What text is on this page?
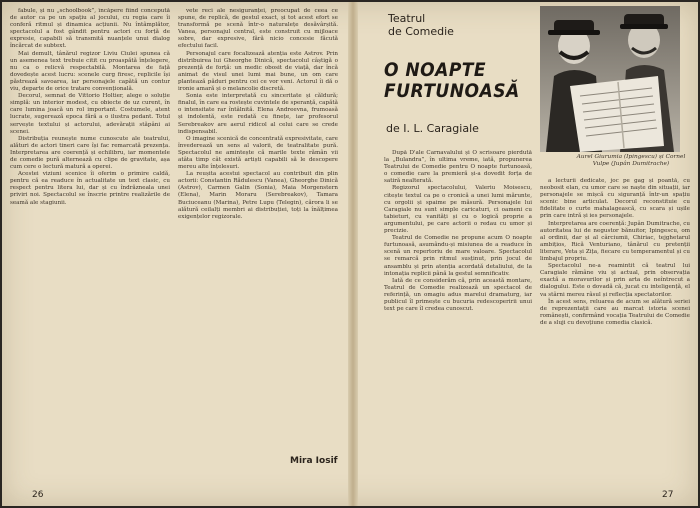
fabule, și nu „schoolbook”, încăpere fiind concepută de autor ca pe un spațiu al jocului, cu regia care îi conferă ritmul și dinamica acțiunii. Nu întâmplător, spectacolul a fost gândit pentru actori cu forță de expresie, capabili să transmită nuanțele unui dialog încărcat de subtext.

Mai demult, tânărul regizor Liviu Ciulei spunea că un asemenea text trebuie citit cu proaspătă înțelegere, nu ca o relicvă respectabilă. Montarea de față dovedește acest lucru: scenele curg firesc, replicile își păstrează savoarea, iar personajele capătă un contur viu, departe de orice tratare convențională.

Decorul, semnat de Vittorio Holtier, alege o soluție simplă: un interior modest, cu obiecte de uz curent, în care lumina joacă un rol important. Costumele, atent lucrate, sugerează epoca fără a o ilustra pedant. Totul servește textului și actorului, adevărații stăpâni ai scenei.

Distribuția reunește nume cunoscute ale teatrului, alături de actori tineri care își fac remarcată prezența. Interpretarea are coerență și echilibru, iar momentele de comedie pură alternează cu clipe de gravitate, așa cum cere o lectură matură a operei.

Acestei viziuni scenice îi oferim o primire caldă, pentru că ea readuce în actualitate un text clasic, cu respect pentru litera lui, dar și cu îndrăzneala unei priviri noi. Spectacolul se înscrie printre realizările de seamă ale stagiunii.

vete reci ale nesiguranței, preocupat de ceea ce spune, de replică, de gestul exact, și tot acest efort se transformă pe scenă într-o naturalețe desăvârșită. Vanea, personajul central, este construit cu mijloace sobre, dar expresive, fără nicio concesie făcută efectului facil.

Personajul care focalizează atenția este Astrov. Prin distribuirea lui Gheorghe Dinică, spectacolul câștigă o prezență de forță: un medic obosit de viață, dar încă animat de visul unei lumi mai bune, un om care plantează păduri pentru cei ce vor veni. Actorul îi dă o ironie amară și o melancolie discretă.

Sonia este interpretată cu sinceritate și căldură; finalul, în care ea rostește cuvintele de speranță, capătă o intensitate rar întâlnită. Elena Andreevna, frumoasă și indolentă, este redată cu finețe, iar profesorul Serebreakov are aerul ridicol al celui care se crede indispensabil.

O imagine scenică de concentrată expresivitate, care învederează un sens al valorii, de teatralitate pură. Spectacolul ne amintește că marile texte rămân vii atâta timp cât există artiști capabili să le descopere mereu alte înțelesuri.

La reușita acestui spectacol au contribuit din plin actorii: Constantin Rădulescu (Vanea), Gheorghe Dinică (Astrov), Carmen Galin (Sonia), Maia Morgenstern (Elena), Marin Moraru (Serebreakov), Tamara Buciuceanu (Marina), Petre Lupu (Telegin), cărora li se alătură ceilalți membri ai distribuției, toți la înălțimea exigențelor regizorale.

Mira Iosif
26
Teatrul
de Comedie
O NOAPTE
FURTUNOASĂ
de I. L. Caragiale
Aurel Giurumia (Ipingescu) și Cornel Vulpe (Jupân Dumitrache)

După D'ale Carnavalului și O scrisoare pierdută la „Bulandra”, în ultima vreme, iată, propunerea Teatrului de Comedie pentru O noapte furtunoasă, o comedie care la premieră și-a dovedit forța de satiră nealterată.

Regizorul spectacolului, Valeriu Moisescu, citește textul ca pe o cronică a unei lumi mărunte, cu orgolii și spaime pe măsură. Personajele lui Caragiale nu sunt simple caricaturi, ci oameni cu tabieturi, cu vanități și cu o logică proprie a argumentului, pe care actorii o redau cu umor și precizie.

Teatrul de Comedie ne propune acum O noapte furtunoasă, asumându-și misiunea de a readuce în scenă un repertoriu de mare valoare. Spectacolul se remarcă prin ritmul susținut, prin jocul de ansamblu și prin atenția acordată detaliului, de la intonația replicii până la gestul semnificativ.

Iată de ce considerăm că, prin această montare, Teatrul de Comedie realizează un spectacol de referință, un omagiu adus marelui dramaturg, iar publicul îl primește cu bucuria redescoperirii unui text pe care îl credea cunoscut.

a lecturii dedicate, joc pe gag și poantă, cu neobosit elan, cu umor care se naște din situații, iar personajele se mișcă cu siguranță într-un spațiu scenic bine articulat. Decorul reconstituie cu fidelitate o curte mahalagească, cu scara și ușile prin care intră și ies personajele.

Interpretarea are coerență: Jupân Dumitrache, cu autoritatea lui de negustor bănuitor, Ipingescu, om al ordinii, dar și al cârciumii, Chiriac, tejghetarul ambițios, Rică Venturiano, tânărul cu pretenții literare, Veta și Zița, fiecare cu temperamentul și cu limbajul propriu.

Spectacolul ne-a reamintit că teatrul lui Caragiale rămâne viu și actual, prin observația exactă a moravurilor și prin arta de neîntrecut a dialogului. Este o dovadă că, jucat cu inteligență, el va stârni mereu râsul și reflecția spectatorilor.

În acest sens, reluarea de acum se alătură seriei de reprezentații care au marcat istoria scenei românești, confirmând vocația Teatrului de Comedie de a sluji cu devoțiune comedia clasică.

27
